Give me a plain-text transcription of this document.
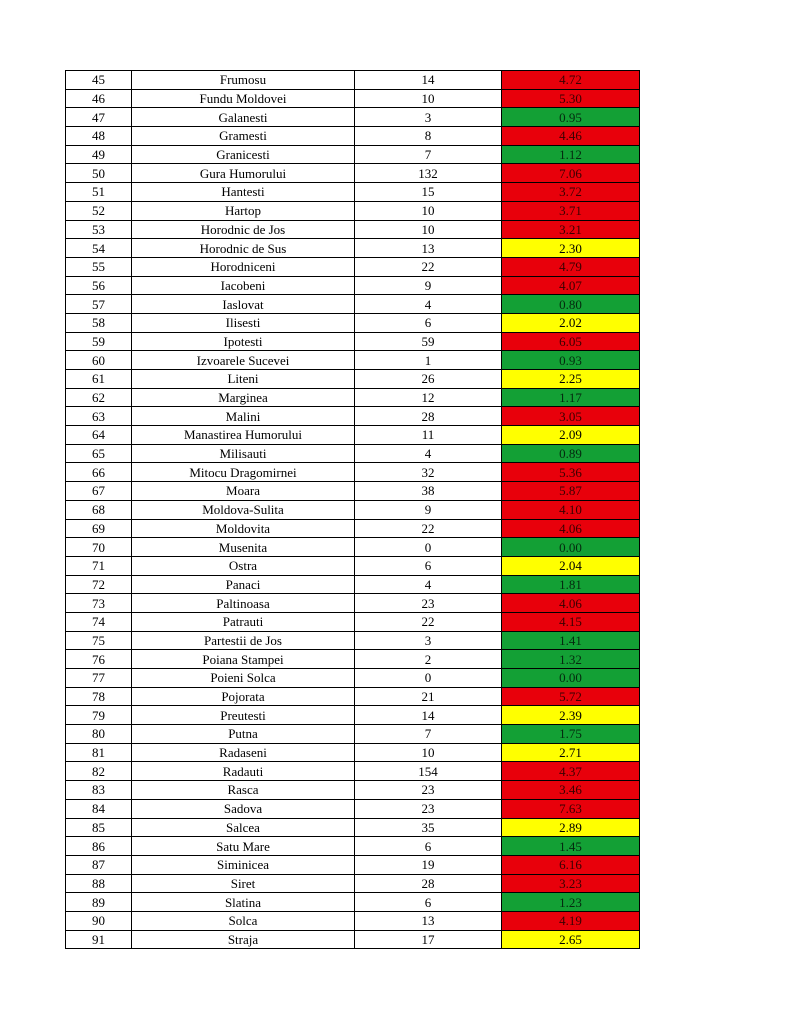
45	Frumosu	14	4.72
46	Fundu Moldovei	10	5.30
47	Galanesti	3	0.95
48	Gramesti	8	4.46
49	Granicesti	7	1.12
50	Gura Humorului	132	7.06
51	Hantesti	15	3.72
52	Hartop	10	3.71
53	Horodnic de Jos	10	3.21
54	Horodnic de Sus	13	2.30
55	Horodniceni	22	4.79
56	Iacobeni	9	4.07
57	Iaslovat	4	0.80
58	Ilisesti	6	2.02
59	Ipotesti	59	6.05
60	Izvoarele Sucevei	1	0.93
61	Liteni	26	2.25
62	Marginea	12	1.17
63	Malini	28	3.05
64	Manastirea Humorului	11	2.09
65	Milisauti	4	0.89
66	Mitocu Dragomirnei	32	5.36
67	Moara	38	5.87
68	Moldova-Sulita	9	4.10
69	Moldovita	22	4.06
70	Musenita	0	0.00
71	Ostra	6	2.04
72	Panaci	4	1.81
73	Paltinoasa	23	4.06
74	Patrauti	22	4.15
75	Partestii de Jos	3	1.41
76	Poiana Stampei	2	1.32
77	Poieni Solca	0	0.00
78	Pojorata	21	5.72
79	Preutesti	14	2.39
80	Putna	7	1.75
81	Radaseni	10	2.71
82	Radauti	154	4.37
83	Rasca	23	3.46
84	Sadova	23	7.63
85	Salcea	35	2.89
86	Satu Mare	6	1.45
87	Siminicea	19	6.16
88	Siret	28	3.23
89	Slatina	6	1.23
90	Solca	13	4.19
91	Straja	17	2.65
